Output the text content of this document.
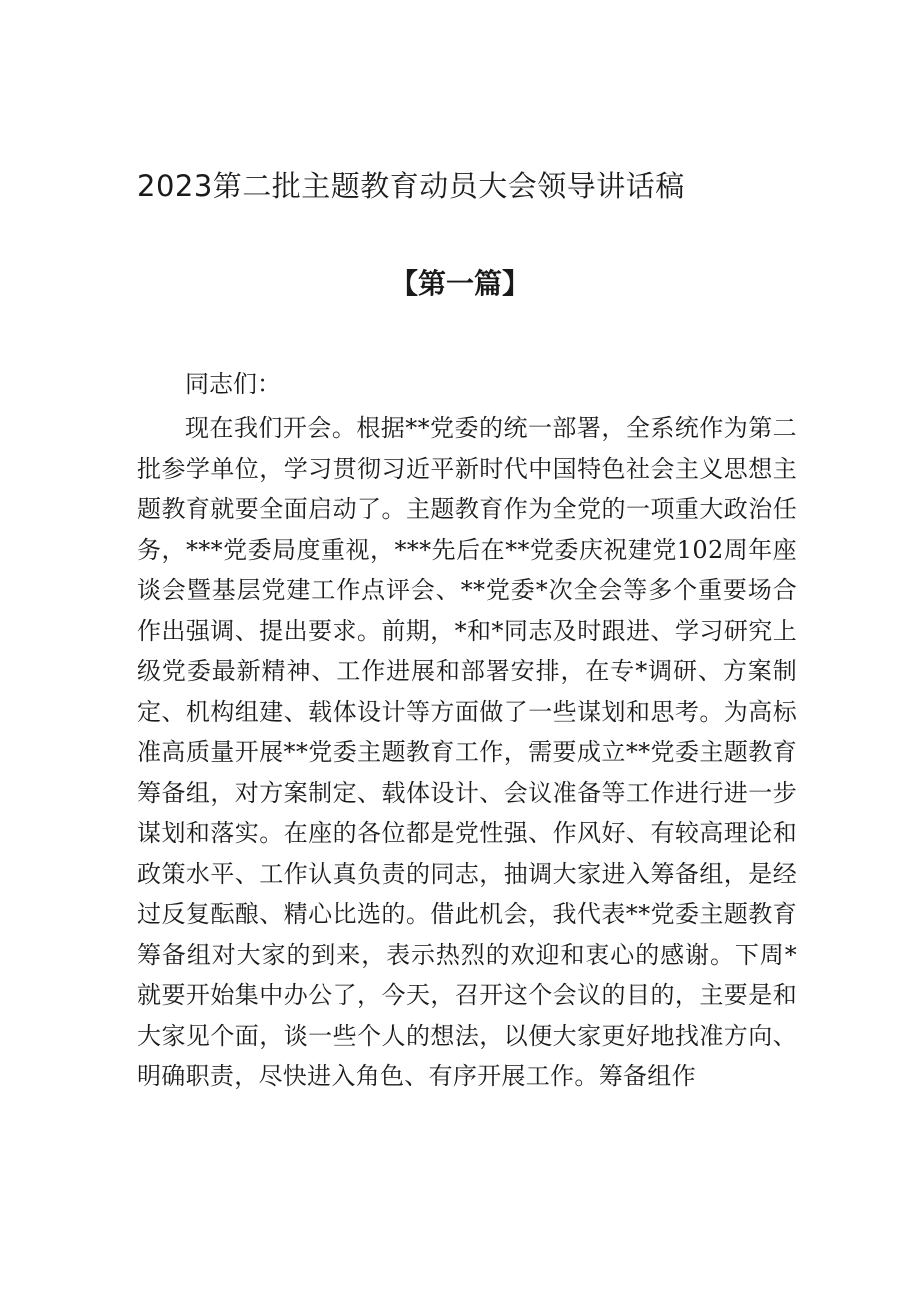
2023第二批主题教育动员大会领导讲话稿
【第一篇】

同志们：

现在我们开会。根据**党委的统一部署，全系统作为第二批参学单位，学习贯彻习近平新时代中国特色社会主义思想主题教育就要全面启动了。主题教育作为全党的一项重大政治任务，***党委局度重视，***先后在**党委庆祝建党102周年座谈会暨基层党建工作点评会、**党委*次全会等多个重要场合作出强调、提出要求。前期，*和*同志及时跟进、学习研究上级党委最新精神、工作进展和部署安排，在专*调研、方案制定、机构组建、载体设计等方面做了一些谋划和思考。为高标准高质量开展**党委主题教育工作，需要成立**党委主题教育筹备组，对方案制定、载体设计、会议准备等工作进行进一步谋划和落实。在座的各位都是党性强、作风好、有较高理论和政策水平、工作认真负责的同志，抽调大家进入筹备组，是经过反复酝酿、精心比选的。借此机会，我代表**党委主题教育筹备组对大家的到来，表示热烈的欢迎和衷心的感谢。下周*就要开始集中办公了，今天，召开这个会议的目的，主要是和大家见个面，谈一些个人的想法，以便大家更好地找准方向、明确职责，尽快进入角色、有序开展工作。筹备组作
